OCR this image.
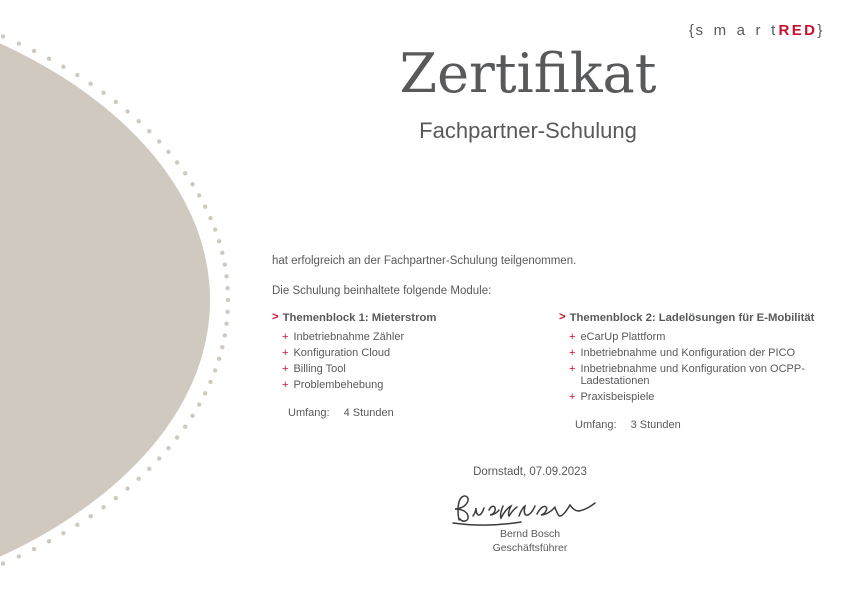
{s m a r tRED}
Zertifikat
Fachpartner-Schulung
hat erfolgreich an der Fachpartner-Schulung teilgenommen.
Die Schulung beinhaltete folgende Module:
> Themenblock 1: Mieterstrom
+ Inbetriebnahme Zähler
+ Konfiguration Cloud
+ Billing Tool
+ Problembehebung
Umfang: 4 Stunden
> Themenblock 2: Ladelösungen für E-Mobilität
+ eCarUp Plattform
+ Inbetriebnahme und Konfiguration der PICO
+ Inbetriebnahme und Konfiguration von OCPP-Ladestationen
+ Praxisbeispiele
Umfang: 3 Stunden
Dornstadt, 07.09.2023
Bernd Bosch
Geschäftsführer
